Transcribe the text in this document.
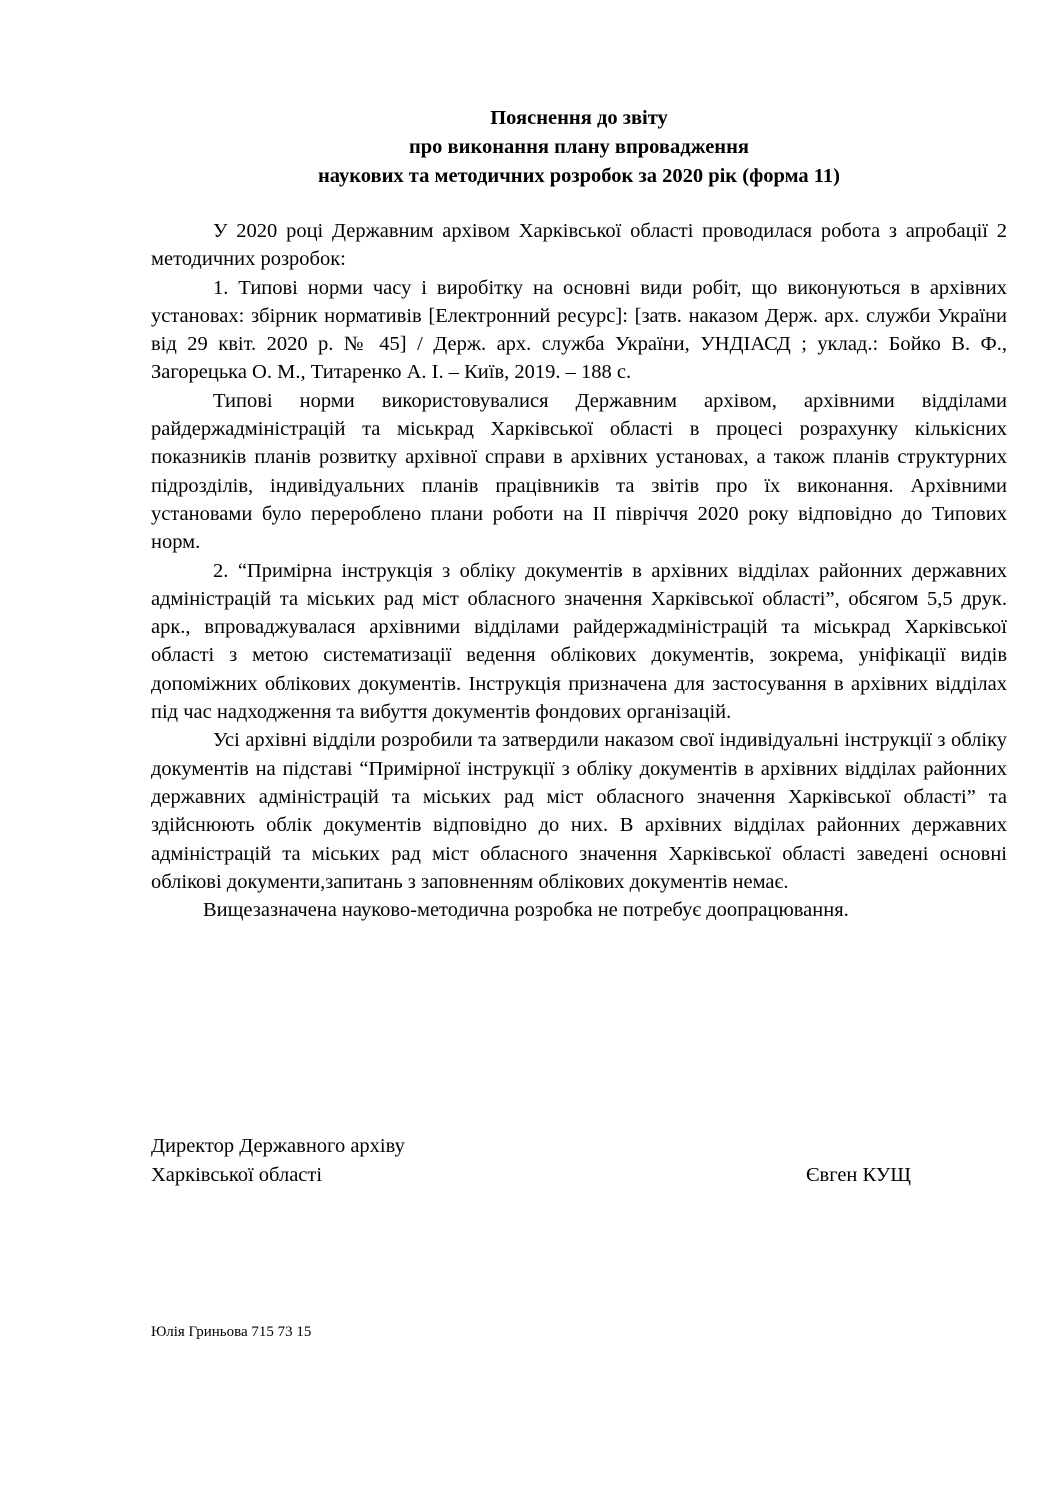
Пояснення до звіту
про виконання плану впровадження
наукових та методичних розробок за 2020 рік (форма 11)

У 2020 році Державним архівом Харківської області проводилася робота з апробації 2 методичних розробок:

1. Типові норми часу і виробітку на основні види робіт, що виконуються в архівних установах: збірник нормативів [Електронний ресурс]: [затв. наказом Держ. арх. служби України від 29 квіт. 2020 р. № 45] / Держ. арх. служба України, УНДІАСД ; уклад.: Бойко В. Ф., Загорецька О. М., Титаренко А. І. – Київ, 2019. – 188 с.

Типові норми використовувалися Державним архівом, архівними відділами райдержадміністрацій та міськрад Харківської області в процесі розрахунку кількісних показників планів розвитку архівної справи в архівних установах, а також планів структурних підрозділів, індивідуальних планів працівників та звітів про їх виконання. Архівними установами було перероблено плани роботи на ІІ півріччя 2020 року відповідно до Типових норм.

2. “Примірна інструкція з обліку документів в архівних відділах районних державних адміністрацій та міських рад міст обласного значення Харківської області”, обсягом 5,5 друк. арк., впроваджувалася архівними відділами райдержадміністрацій та міськрад Харківської області з метою систематизації ведення облікових документів, зокрема, уніфікації видів допоміжних облікових документів. Інструкція призначена для застосування в архівних відділах під час надходження та вибуття документів фондових організацій.

Усі архівні відділи розробили та затвердили наказом свої індивідуальні інструкції з обліку документів на підставі “Примірної інструкції з обліку документів в архівних відділах районних державних адміністрацій та міських рад міст обласного значення Харківської області” та здійснюють облік документів відповідно до них. В архівних відділах районних державних адміністрацій та міських рад міст обласного значення Харківської області заведені основні облікові документи,запитань з заповненням облікових документів немає.

Вищезазначена науково-методична розробка не потребує доопрацювання.

Директор Державного архіву
Харківської області	Євген КУЩ
Юлія Гриньова 715 73 15
